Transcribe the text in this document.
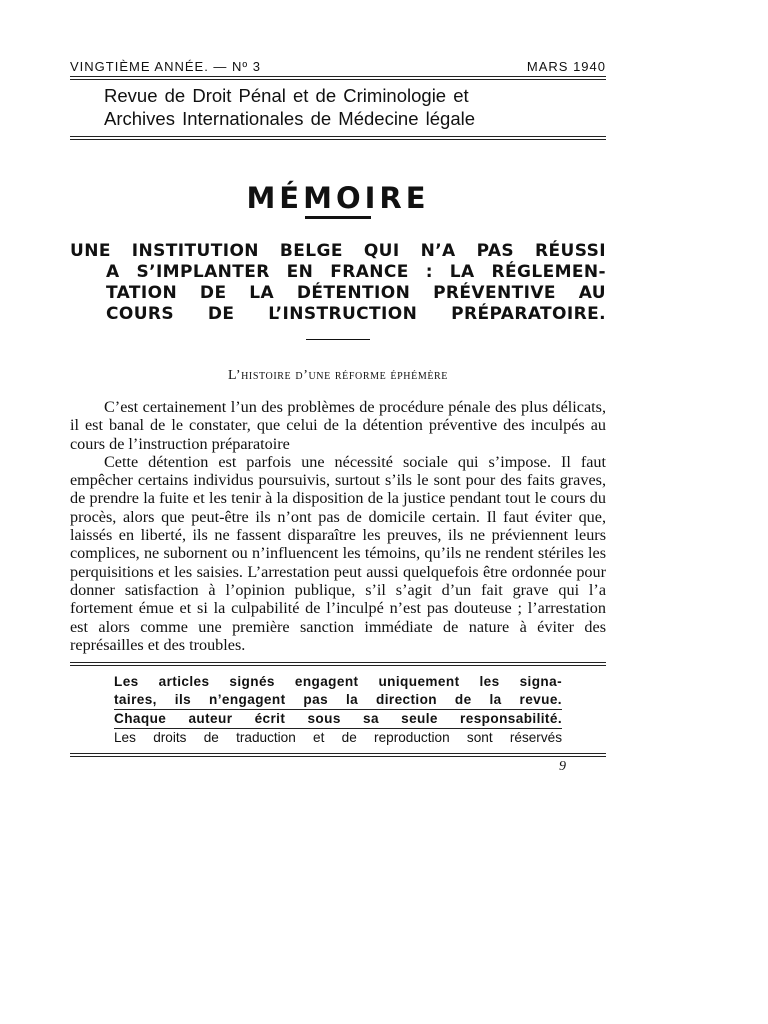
VINGTIÈME ANNÉE. — Nº 3	MARS 1940
Revue de Droit Pénal et de Criminologie et
Archives Internationales de Médecine légale
MÉMOIRE
UNE INSTITUTION BELGE QUI N’A PAS RÉUSSI
A S’IMPLANTER EN FRANCE : LA RÉGLEMEN-
TATION DE LA DÉTENTION PRÉVENTIVE AU
COURS DE L’INSTRUCTION PRÉPARATOIRE.
L’histoire d’une réforme éphémère

C’est certainement l’un des problèmes de procédure pénale des plus délicats, il est banal de le constater, que celui de la détention préventive des inculpés au cours de l’instruction préparatoire

Cette détention est parfois une nécessité sociale qui s’impose. Il faut empêcher certains individus poursuivis, surtout s’ils le sont pour des faits graves, de prendre la fuite et les tenir à la disposition de la justice pendant tout le cours du procès, alors que peut-être ils n’ont pas de domicile certain. Il faut éviter que, laissés en liberté, ils ne fassent disparaître les preuves, ils ne préviennent leurs complices, ne subornent ou n’influencent les témoins, qu’ils ne rendent stériles les perquisitions et les saisies. L’arrestation peut aussi quelquefois être ordonnée pour donner satisfaction à l’opinion publique, s’il s’agit d’un fait grave qui l’a fortement émue et si la culpabilité de l’inculpé n’est pas douteuse ; l’arrestation est alors comme une première sanction immédiate de nature à éviter des représailles et des troubles.

Les articles signés engagent uniquement les signa-
taires, ils n’engagent pas la direction de la revue.
Chaque auteur écrit sous sa seule responsabilité.
Les droits de traduction et de reproduction sont réservés
9
